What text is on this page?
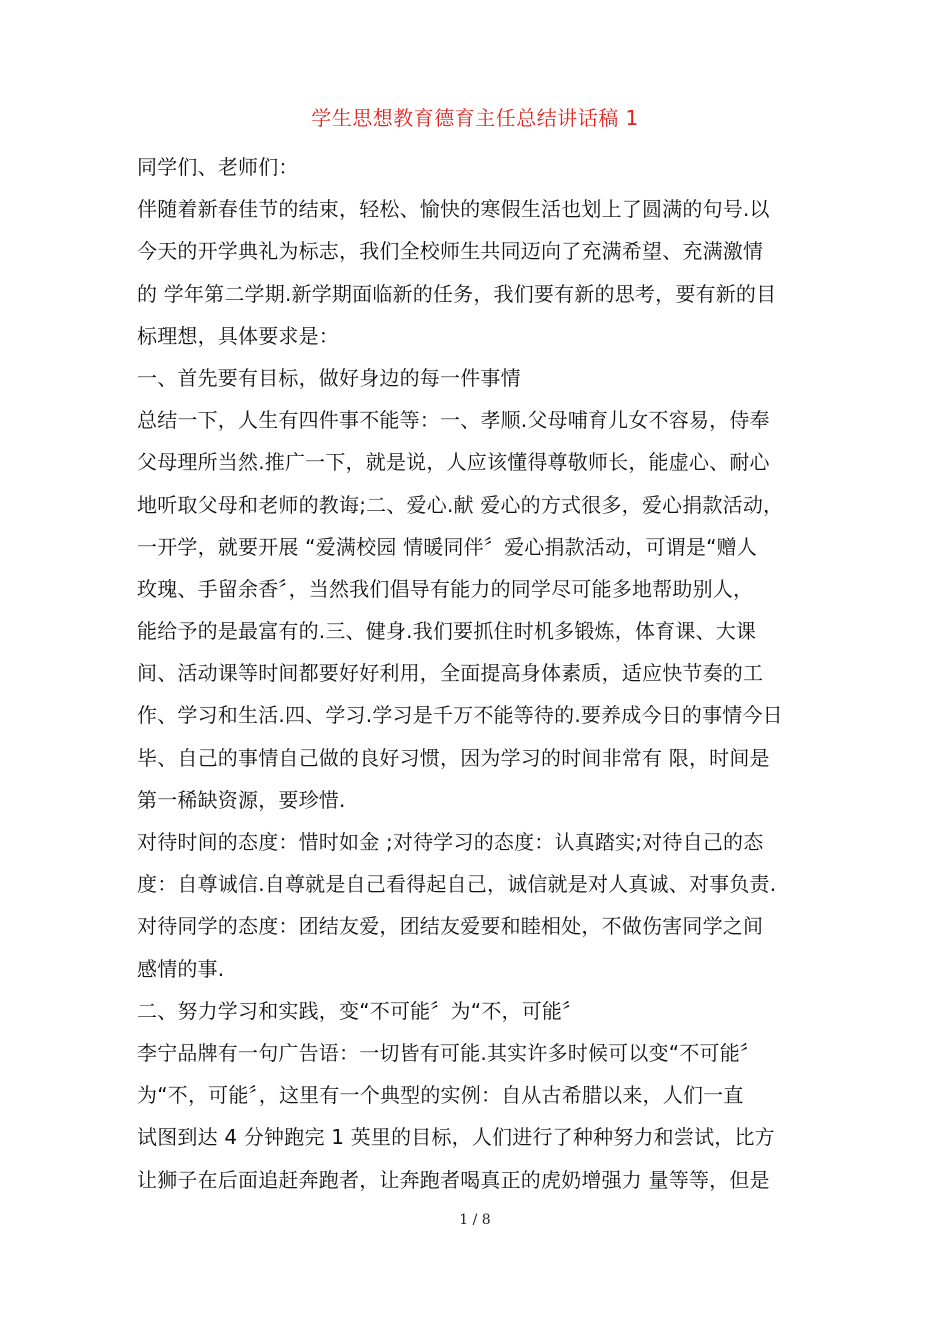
学生思想教育德育主任总结讲话稿 1
同学们、老师们：
伴随着新春佳节的结束，轻松、愉快的寒假生活也划上了圆满的句号.以
今天的开学典礼为标志，我们全校师生共同迈向了充满希望、充满激情
的 学年第二学期.新学期面临新的任务，我们要有新的思考，要有新的目
标理想，具体要求是：
一、首先要有目标，做好身边的每一件事情
总结一下，人生有四件事不能等：一、孝顺.父母哺育儿女不容易，侍奉
父母理所当然.推广一下，就是说，人应该懂得尊敬师长，能虚心、耐心
地听取父母和老师的教诲;二、爱心.献 爱心的方式很多，爱心捐款活动，
一开学，就要开展 “爱满校园 情暖同伴〞爱心捐款活动，可谓是“赠人
玫瑰、手留余香〞，当然我们倡导有能力的同学尽可能多地帮助别人，
能给予的是最富有的.三、健身.我们要抓住时机多锻炼，体育课、大课
间、活动课等时间都要好好利用，全面提高身体素质，适应快节奏的工
作、学习和生活.四、学习.学习是千万不能等待的.要养成今日的事情今日
毕、自己的事情自己做的良好习惯，因为学习的时间非常有 限，时间是
第一稀缺资源，要珍惜.
对待时间的态度：惜时如金 ;对待学习的态度：认真踏实;对待自己的态
度：自尊诚信.自尊就是自己看得起自己，诚信就是对人真诚、对事负责.
对待同学的态度：团结友爱，团结友爱要和睦相处，不做伤害同学之间
感情的事.
二、努力学习和实践，变“不可能〞为“不，可能〞
李宁品牌有一句广告语：一切皆有可能.其实许多时候可以变“不可能〞
为“不，可能〞，这里有一个典型的实例：自从古希腊以来，人们一直
试图到达 4 分钟跑完 1 英里的目标，人们进行了种种努力和尝试，比方
让狮子在后面追赶奔跑者，让奔跑者喝真正的虎奶增强力 量等等，但是
1 / 8
